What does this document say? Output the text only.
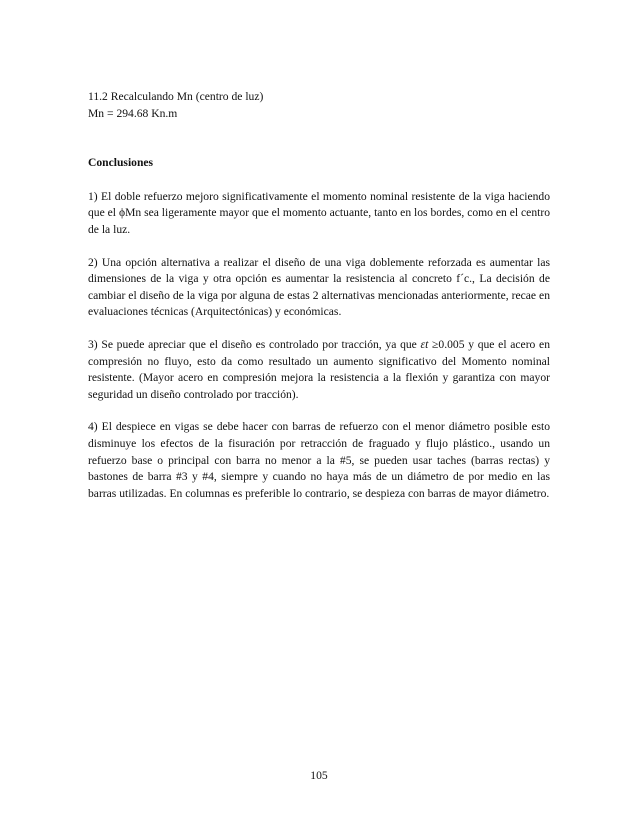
11.2 Recalculando Mn (centro de luz)
Mn = 294.68 Kn.m
Conclusiones

1) El doble refuerzo mejoro significativamente el momento nominal resistente de la viga haciendo que el ϕMn sea ligeramente mayor que el momento actuante, tanto en los bordes, como en el centro de la luz.

2) Una opción alternativa a realizar el diseño de una viga doblemente reforzada es aumentar las dimensiones de la viga y otra opción es aumentar la resistencia al concreto f´c., La decisión de cambiar el diseño de la viga por alguna de estas 2 alternativas mencionadas anteriormente, recae en evaluaciones técnicas (Arquitectónicas) y económicas.

3) Se puede apreciar que el diseño es controlado por tracción, ya que εt ≥0.005 y que el acero en compresión no fluyo, esto da como resultado un aumento significativo del Momento nominal resistente. (Mayor acero en compresión mejora la resistencia a la flexión y garantiza con mayor seguridad un diseño controlado por tracción).

4) El despiece en vigas se debe hacer con barras de refuerzo con el menor diámetro posible esto disminuye los efectos de la fisuración por retracción de fraguado y flujo plástico., usando un refuerzo base o principal con barra no menor a la #5, se pueden usar taches (barras rectas) y bastones de barra #3 y #4, siempre y cuando no haya más de un diámetro de por medio en las barras utilizadas. En columnas es preferible lo contrario, se despieza con barras de mayor diámetro.

105
